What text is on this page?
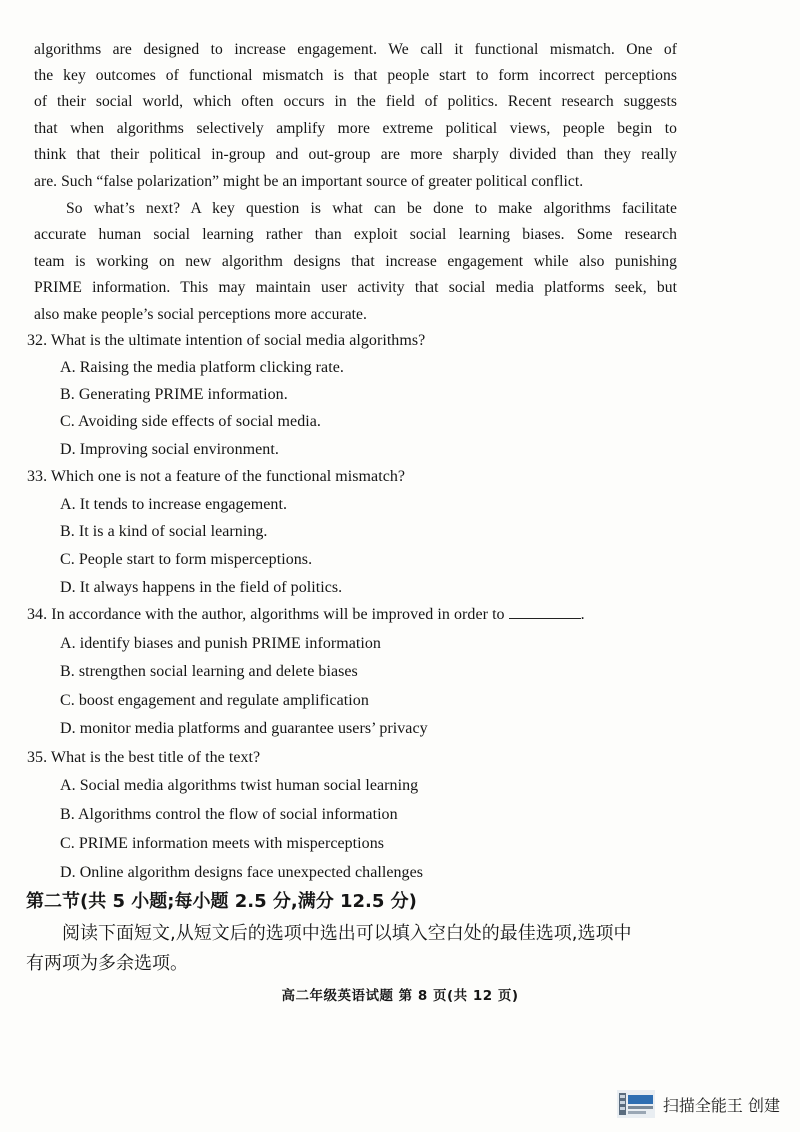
algorithms are designed to increase engagement. We call it functional mismatch. One of
the key outcomes of functional mismatch is that people start to form incorrect perceptions
of their social world, which often occurs in the field of politics. Recent research suggests
that when algorithms selectively amplify more extreme political views, people begin to
think that their political in-group and out-group are more sharply divided than they really
are. Such “false polarization” might be an important source of greater political conflict.
So what’s next? A key question is what can be done to make algorithms facilitate
accurate human social learning rather than exploit social learning biases. Some research
team is working on new algorithm designs that increase engagement while also punishing
PRIME information. This may maintain user activity that social media platforms seek, but
also make people’s social perceptions more accurate.
32. What is the ultimate intention of social media algorithms?
A. Raising the media platform clicking rate.
B. Generating PRIME information.
C. Avoiding side effects of social media.
D. Improving social environment.
33. Which one is not a feature of the functional mismatch?
A. It tends to increase engagement.
B. It is a kind of social learning.
C. People start to form misperceptions.
D. It always happens in the field of politics.
34. In accordance with the author, algorithms will be improved in order to	.
A. identify biases and punish PRIME information
B. strengthen social learning and delete biases
C. boost engagement and regulate amplification
D. monitor media platforms and guarantee users’ privacy
35. What is the best title of the text?
A. Social media algorithms twist human social learning
B. Algorithms control the flow of social information
C. PRIME information meets with misperceptions
D. Online algorithm designs face unexpected challenges
第二节(共 5 小题;每小题 2.5 分,满分 12.5 分)
阅读下面短文,从短文后的选项中选出可以填入空白处的最佳选项,选项中
有两项为多余选项。
高二年级英语试题 第 8 页(共 12 页)
扫描全能王 创建
